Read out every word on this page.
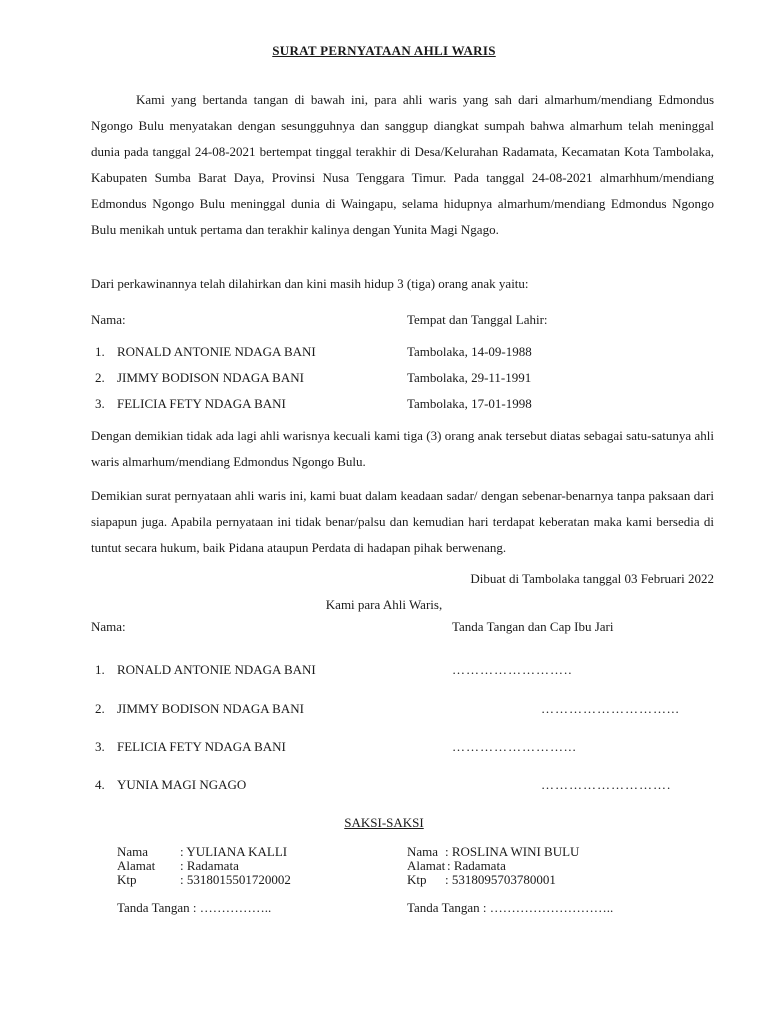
SURAT PERNYATAAN AHLI WARIS

Kami yang bertanda tangan di bawah ini, para ahli waris yang sah dari almarhum/mendiang Edmondus Ngongo Bulu menyatakan dengan sesungguhnya dan sanggup diangkat sumpah bahwa almarhum telah meninggal dunia pada tanggal 24-08-2021 bertempat tinggal terakhir di Desa/Kelurahan Radamata, Kecamatan Kota Tambolaka, Kabupaten Sumba Barat Daya, Provinsi Nusa Tenggara Timur. Pada tanggal 24-08-2021 almarhhum/mendiang Edmondus Ngongo Bulu meninggal dunia di Waingapu, selama hidupnya almarhum/mendiang Edmondus Ngongo Bulu menikah untuk pertama dan terakhir kalinya dengan Yunita Magi Ngago.

Dari perkawinannya telah dilahirkan dan kini masih hidup 3 (tiga) orang anak yaitu:

Nama:	Tempat dan Tanggal Lahir:
1. RONALD ANTONIE NDAGA BANI	Tambolaka, 14-09-1988
2. JIMMY BODISON NDAGA BANI	Tambolaka, 29-11-1991
3. FELICIA FETY NDAGA BANI	Tambolaka, 17-01-1998

Dengan demikian tidak ada lagi ahli warisnya kecuali kami tiga (3) orang anak tersebut diatas sebagai satu-satunya ahli waris almarhum/mendiang Edmondus Ngongo Bulu.

Demikian surat pernyataan ahli waris ini, kami buat dalam keadaan sadar/ dengan sebenar-benarnya tanpa paksaan dari siapapun juga. Apabila pernyataan ini tidak benar/palsu dan kemudian hari terdapat keberatan maka kami bersedia di tuntut secara hukum, baik Pidana ataupun Perdata di hadapan pihak berwenang.

Dibuat di Tambolaka tanggal 03 Februari 2022
Kami para Ahli Waris,
Nama:	Tanda Tangan dan Cap Ibu Jari
1. RONALD ANTONIE NDAGA BANI	……………………..
2. JIMMY BODISON NDAGA BANI	………………………...
3. FELICIA FETY NDAGA BANI	……………………...
4. YUNIA MAGI NGAGO	……………………….
SAKSI-SAKSI
Nama : YULIANA KALLI
Alamat : Radamata
Ktp	: 5318015501720002
Tanda Tangan : ……………..
Nama : ROSLINA WINI BULU
Alamat : Radamata
Ktp : 5318095703780001
Tanda Tangan : ………………………..
